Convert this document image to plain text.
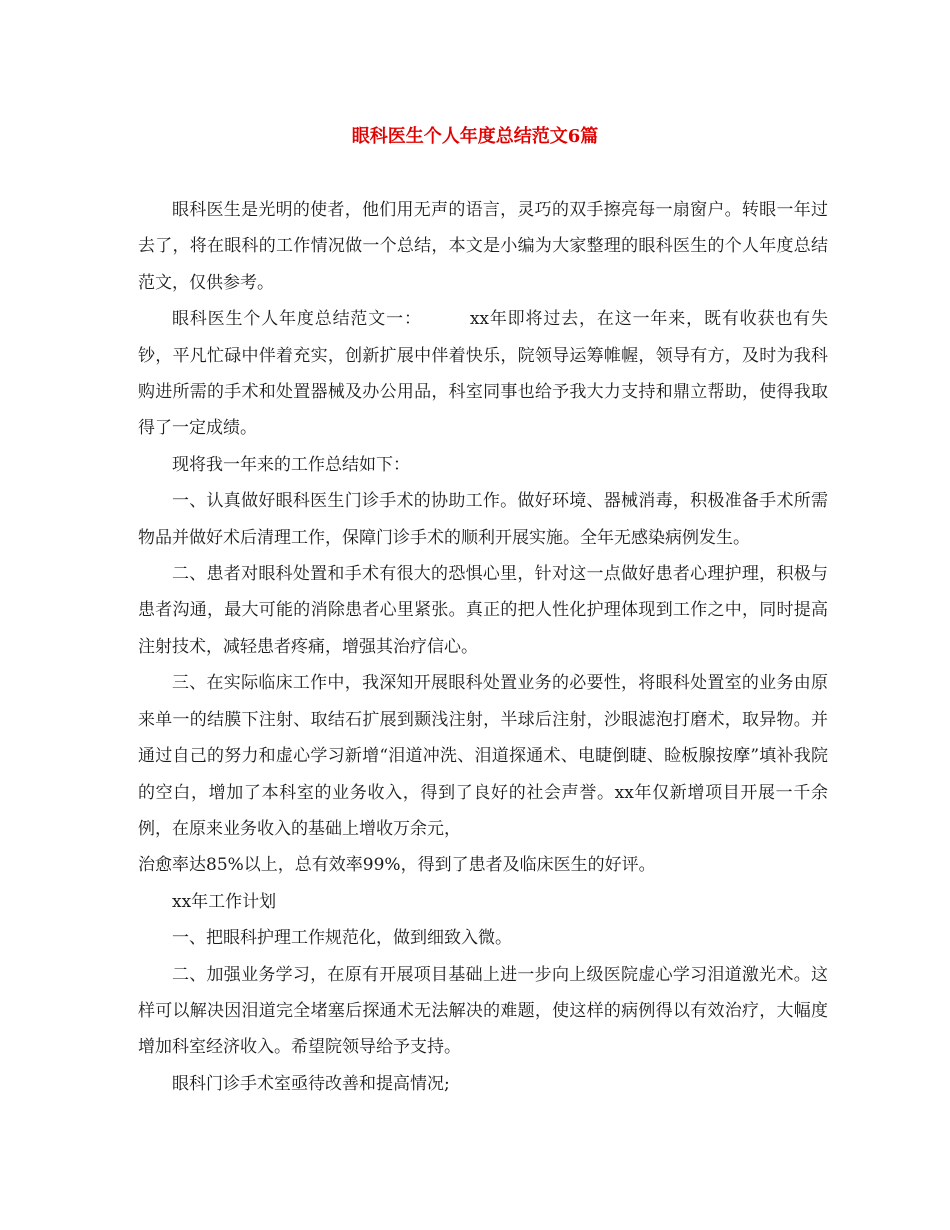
眼科医生个人年度总结范文6篇

眼科医生是光明的使者，他们用无声的语言，灵巧的双手擦亮每一扇窗户。转眼一年过去了，将在眼科的工作情况做一个总结，本文是小编为大家整理的眼科医生的个人年度总结范文，仅供参考。

眼科医生个人年度总结范文一：	xx年即将过去，在这一年来，既有收获也有失钞，平凡忙碌中伴着充实，创新扩展中伴着快乐，院领导运筹帷幄，领导有方，及时为我科购进所需的手术和处置器械及办公用品，科室同事也给予我大力支持和鼎立帮助，使得我取得了一定成绩。

现将我一年来的工作总结如下：

一、认真做好眼科医生门诊手术的协助工作。做好环境、器械消毒，积极准备手术所需物品并做好术后清理工作，保障门诊手术的顺利开展实施。全年无感染病例发生。

二、患者对眼科处置和手术有很大的恐惧心里，针对这一点做好患者心理护理，积极与患者沟通，最大可能的消除患者心里紧张。真正的把人性化护理体现到工作之中，同时提高注射技术，减轻患者疼痛，增强其治疗信心。

三、在实际临床工作中，我深知开展眼科处置业务的必要性，将眼科处置室的业务由原来单一的结膜下注射、取结石扩展到颞浅注射，半球后注射，沙眼滤泡打磨术，取异物。并通过自己的努力和虚心学习新增“泪道冲洗、泪道探通术、电睫倒睫、睑板腺按摩”填补我院的空白，增加了本科室的业务收入，得到了良好的社会声誉。xx年仅新增项目开展一千余例，在原来业务收入的基础上增收万余元，

治愈率达85%以上，总有效率99%，得到了患者及临床医生的好评。

xx年工作计划

一、把眼科护理工作规范化，做到细致入微。

二、加强业务学习，在原有开展项目基础上进一步向上级医院虚心学习泪道激光术。这样可以解决因泪道完全堵塞后探通术无法解决的难题，使这样的病例得以有效治疗，大幅度增加科室经济收入。希望院领导给予支持。

眼科门诊手术室亟待改善和提高情况;
